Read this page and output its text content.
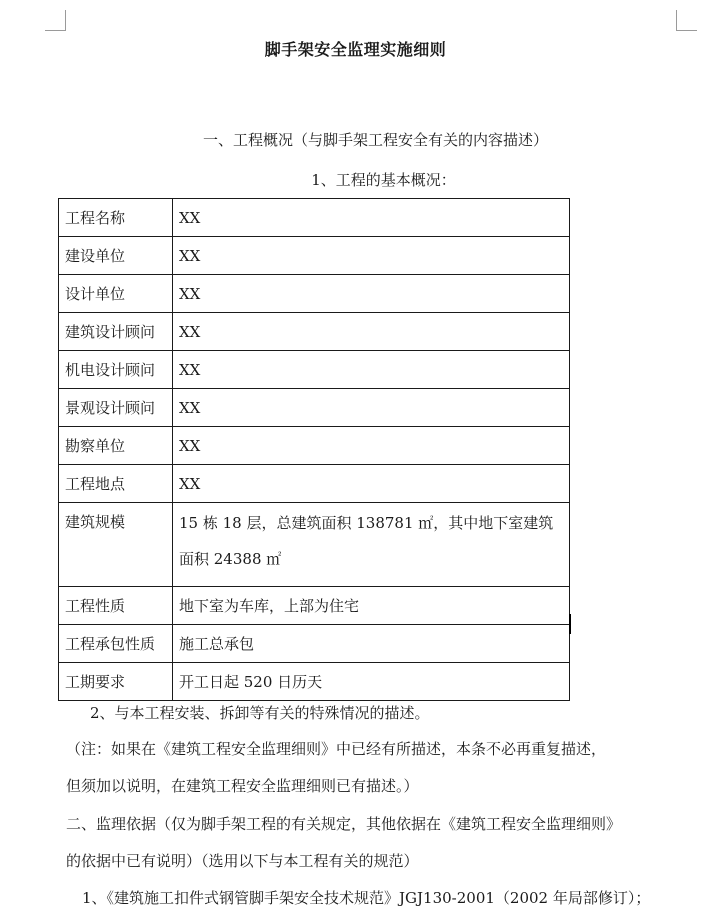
脚手架安全监理实施细则
一、工程概况（与脚手架工程安全有关的内容描述）
1、工程的基本概况：
工程名称	XX
建设单位	XX
设计单位	XX
建筑设计顾问	XX
机电设计顾问	XX
景观设计顾问	XX
勘察单位	XX
工程地点	XX
建筑规模	15 栋 18 层，总建筑面积 138781 ㎡，其中地下室建筑面积 24388 ㎡
工程性质	地下室为车库，上部为住宅
工程承包性质	施工总承包
工期要求	开工日起 520 日历天
2、与本工程安装、拆卸等有关的特殊情况的描述。
（注：如果在《建筑工程安全监理细则》中已经有所描述，本条不必再重复描述，
但须加以说明，在建筑工程安全监理细则已有描述。）
二、监理依据（仅为脚手架工程的有关规定，其他依据在《建筑工程安全监理细则》
的依据中已有说明）（选用以下与本工程有关的规范）
1、《建筑施工扣件式钢管脚手架安全技术规范》JGJ130-2001（2002 年局部修订）；
